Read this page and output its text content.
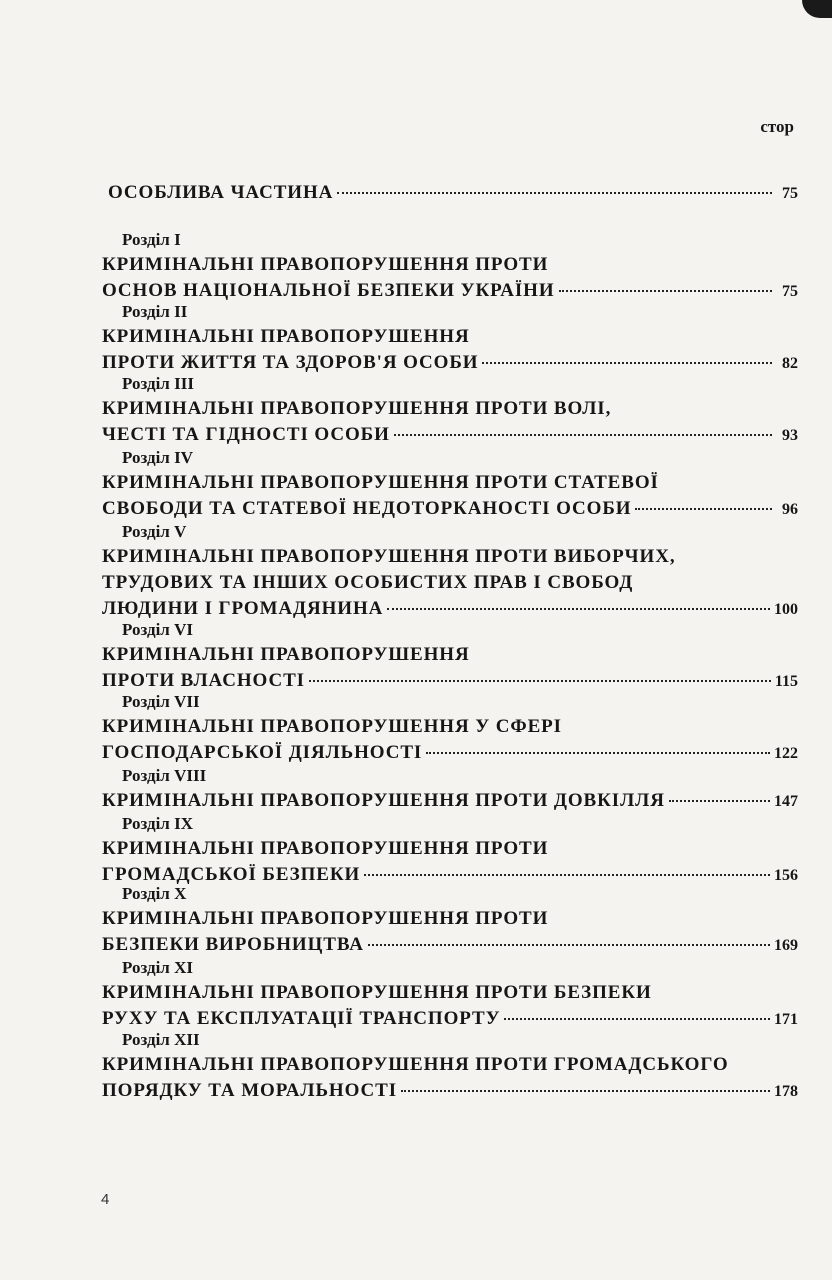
стор
ОСОБЛИВА ЧАСТИНА	75
Розділ I
КРИМІНАЛЬНІ ПРАВОПОРУШЕННЯ ПРОТИ
ОСНОВ НАЦІОНАЛЬНОЇ БЕЗПЕКИ УКРАЇНИ	75
Розділ II
КРИМІНАЛЬНІ ПРАВОПОРУШЕННЯ
ПРОТИ ЖИТТЯ ТА ЗДОРОВ'Я ОСОБИ	82
Розділ III
КРИМІНАЛЬНІ ПРАВОПОРУШЕННЯ ПРОТИ ВОЛІ,
ЧЕСТІ ТА ГІДНОСТІ ОСОБИ	93
Розділ IV
КРИМІНАЛЬНІ ПРАВОПОРУШЕННЯ ПРОТИ СТАТЕВОЇ
СВОБОДИ ТА СТАТЕВОЇ НЕДОТОРКАНОСТІ ОСОБИ	96
Розділ V
КРИМІНАЛЬНІ ПРАВОПОРУШЕННЯ ПРОТИ ВИБОРЧИХ,
ТРУДОВИХ ТА ІНШИХ ОСОБИСТИХ ПРАВ І СВОБОД
ЛЮДИНИ І ГРОМАДЯНИНА	100
Розділ VI
КРИМІНАЛЬНІ ПРАВОПОРУШЕННЯ
ПРОТИ ВЛАСНОСТІ	115
Розділ VII
КРИМІНАЛЬНІ ПРАВОПОРУШЕННЯ У СФЕРІ
ГОСПОДАРСЬКОЇ ДІЯЛЬНОСТІ	122
Розділ VIII
КРИМІНАЛЬНІ ПРАВОПОРУШЕННЯ ПРОТИ ДОВКІЛЛЯ	147
Розділ IX
КРИМІНАЛЬНІ ПРАВОПОРУШЕННЯ ПРОТИ
ГРОМАДСЬКОЇ БЕЗПЕКИ	156
Розділ X
КРИМІНАЛЬНІ ПРАВОПОРУШЕННЯ ПРОТИ
БЕЗПЕКИ ВИРОБНИЦТВА	169
Розділ XI
КРИМІНАЛЬНІ ПРАВОПОРУШЕННЯ ПРОТИ БЕЗПЕКИ
РУХУ ТА ЕКСПЛУАТАЦІЇ ТРАНСПОРТУ	171
Розділ XII
КРИМІНАЛЬНІ ПРАВОПОРУШЕННЯ ПРОТИ ГРОМАДСЬКОГО
ПОРЯДКУ ТА МОРАЛЬНОСТІ	178
4
